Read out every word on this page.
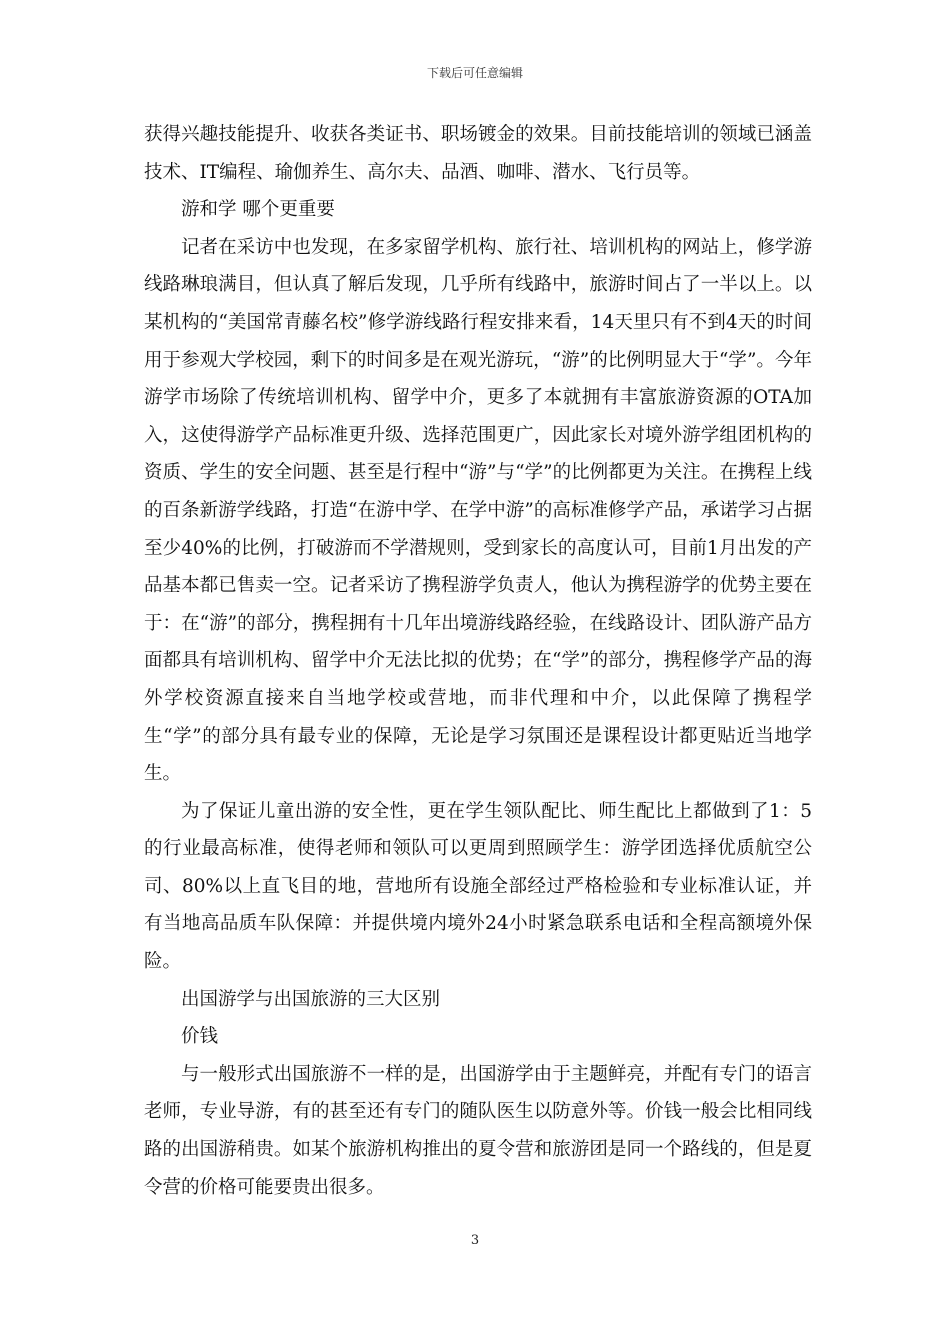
下载后可任意编辑

获得兴趣技能提升、收获各类证书、职场镀金的效果。目前技能培训的领域已涵盖技术、IT编程、瑜伽养生、高尔夫、品酒、咖啡、潜水、飞行员等。

游和学 哪个更重要

记者在采访中也发现，在多家留学机构、旅行社、培训机构的网站上，修学游线路琳琅满目，但认真了解后发现，几乎所有线路中，旅游时间占了一半以上。以某机构的“美国常青藤名校”修学游线路行程安排来看，14天里只有不到4天的时间用于参观大学校园，剩下的时间多是在观光游玩，“游”的比例明显大于“学”。今年游学市场除了传统培训机构、留学中介，更多了本就拥有丰富旅游资源的OTA加入，这使得游学产品标准更升级、选择范围更广，因此家长对境外游学组团机构的资质、学生的安全问题、甚至是行程中“游”与“学”的比例都更为关注。在携程上线的百条新游学线路，打造“在游中学、在学中游”的高标准修学产品，承诺学习占据至少40%的比例，打破游而不学潜规则，受到家长的高度认可，目前1月出发的产品基本都已售卖一空。记者采访了携程游学负责人，他认为携程游学的优势主要在于：在“游”的部分，携程拥有十几年出境游线路经验，在线路设计、团队游产品方面都具有培训机构、留学中介无法比拟的优势；在“学”的部分，携程修学产品的海外学校资源直接来自当地学校或营地，而非代理和中介，以此保障了携程学生“学”的部分具有最专业的保障，无论是学习氛围还是课程设计都更贴近当地学生。

为了保证儿童出游的安全性，更在学生领队配比、师生配比上都做到了1：5的行业最高标准，使得老师和领队可以更周到照顾学生：游学团选择优质航空公司、80%以上直飞目的地，营地所有设施全部经过严格检验和专业标准认证，并有当地高品质车队保障：并提供境内境外24小时紧急联系电话和全程高额境外保险。

出国游学与出国旅游的三大区别

价钱

与一般形式出国旅游不一样的是，出国游学由于主题鲜亮，并配有专门的语言老师，专业导游，有的甚至还有专门的随队医生以防意外等。价钱一般会比相同线路的出国游稍贵。如某个旅游机构推出的夏令营和旅游团是同一个路线的，但是夏令营的价格可能要贵出很多。

3
